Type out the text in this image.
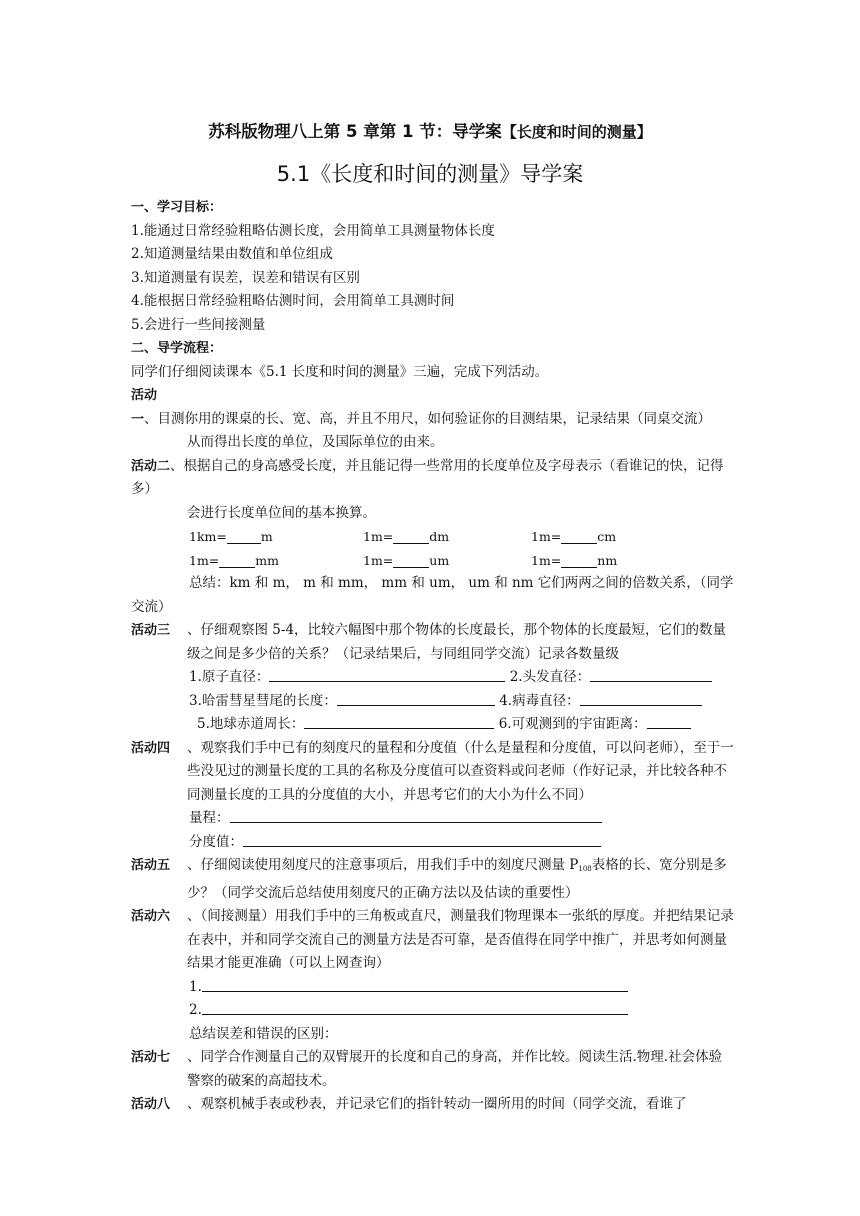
苏科版物理八上第 5 章第 1 节：导学案【长度和时间的测量】
5.1《长度和时间的测量》导学案
一、学习目标：
1.能通过日常经验粗略估测长度，会用简单工具测量物体长度
2.知道测量结果由数值和单位组成
3.知道测量有误差，误差和错误有区别
4.能根据日常经验粗略估测时间，会用简单工具测时间
5.会进行一些间接测量
二、导学流程：
同学们仔细阅读课本《5.1 长度和时间的测量》三遍，完成下列活动。
活动一、目测你用的课桌的长、宽、高，并且不用尺，如何验证你的目测结果，记录结果（同桌交流）
从而得出长度的单位，及国际单位的由来。
活动二、根据自己的身高感受长度，并且能记得一些常用的长度单位及字母表示（看谁记的快，记得多）
会进行长度单位间的基本换算。
1km=	m	1m=	dm	1m=	cm
1m=	mm	1m=	um	1m=	nm
总结：km 和 m， m 和 mm， mm 和 um， um 和 nm 它们两两之间的倍数关系，（同学交流）
活动三	、仔细观察图 5-4，比较六幅图中那个物体的长度最长，那个物体的长度最短，它们的数量级之间是多少倍的关系？（记录结果后，与同组同学交流）记录各数量级
1.原子直径：
	2.头发直径：
3.哈雷彗星彗尾的长度：
	4.病毒直径：
5.地球赤道周长：
	6.可观测到的宇宙距离：
活动四	、观察我们手中已有的刻度尺的量程和分度值（什么是量程和分度值，可以问老师），至于一些没见过的测量长度的工具的名称及分度值可以查资料或问老师（作好记录，并比较各种不同测量长度的工具的分度值的大小，并思考它们的大小为什么不同）
量程：
分度值：
活动五	、仔细阅读使用刻度尺的注意事项后，用我们手中的刻度尺测量 $P_{108}$表格的长、宽分别是多少？（同学交流后总结使用刻度尺的正确方法以及估读的重要性）
活动六	、（间接测量）用我们手中的三角板或直尺，测量我们物理课本一张纸的厚度。并把结果记录在表中，并和同学交流自己的测量方法是否可靠，是否值得在同学中推广，并思考如何测量结果才能更准确（可以上网查询）
1.
2.
总结误差和错误的区别：
活动七	、同学合作测量自己的双臂展开的长度和自己的身高，并作比较。阅读生活.物理.社会体验警察的破案的高超技术。
活动八	、观察机械手表或秒表，并记录它们的指针转动一圈所用的时间（同学交流，看谁了
